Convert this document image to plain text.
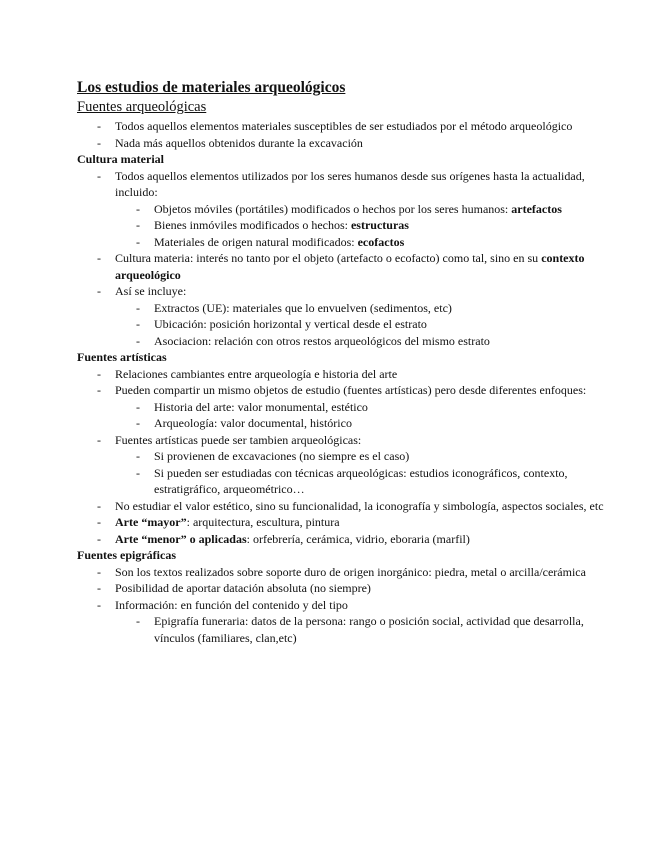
Los estudios de materiales arqueológicos
Fuentes arqueológicas
- Todos aquellos elementos materiales susceptibles de ser estudiados por el método arqueológico
- Nada más aquellos obtenidos durante la excavación
Cultura material
- Todos aquellos elementos utilizados por los seres humanos desde sus orígenes hasta la actualidad, incluido:
- Objetos móviles (portátiles) modificados o hechos por los seres humanos: artefactos
- Bienes inmóviles modificados o hechos: estructuras
- Materiales de origen natural modificados: ecofactos
- Cultura materia: interés no tanto por el objeto (artefacto o ecofacto) como tal, sino en su contexto arqueológico
- Así se incluye:
- Extractos (UE): materiales que lo envuelven (sedimentos, etc)
- Ubicación: posición horizontal y vertical desde el estrato
- Asociacion: relación con otros restos arqueológicos del mismo estrato
Fuentes artísticas
- Relaciones cambiantes entre arqueología e historia del arte
- Pueden compartir un mismo objetos de estudio (fuentes artísticas) pero desde diferentes enfoques:
- Historia del arte: valor monumental, estético
- Arqueología: valor documental, histórico
- Fuentes artísticas puede ser tambien arqueológicas:
- Si provienen de excavaciones (no siempre es el caso)
- Si pueden ser estudiadas con técnicas arqueológicas: estudios iconográficos, contexto, estratigráfico, arqueométrico…
- No estudiar el valor estético, sino su funcionalidad, la iconografía y simbología, aspectos sociales, etc
- Arte “mayor”: arquitectura, escultura, pintura
- Arte “menor” o aplicadas: orfebrería, cerámica, vidrio, eboraria (marfil)
Fuentes epigráficas
- Son los textos realizados sobre soporte duro de origen inorgánico: piedra, metal o arcilla/cerámica
- Posibilidad de aportar datación absoluta (no siempre)
- Información: en función del contenido y del tipo
- Epigrafía funeraria: datos de la persona: rango o posición social, actividad que desarrolla, vínculos (familiares, clan,etc)
